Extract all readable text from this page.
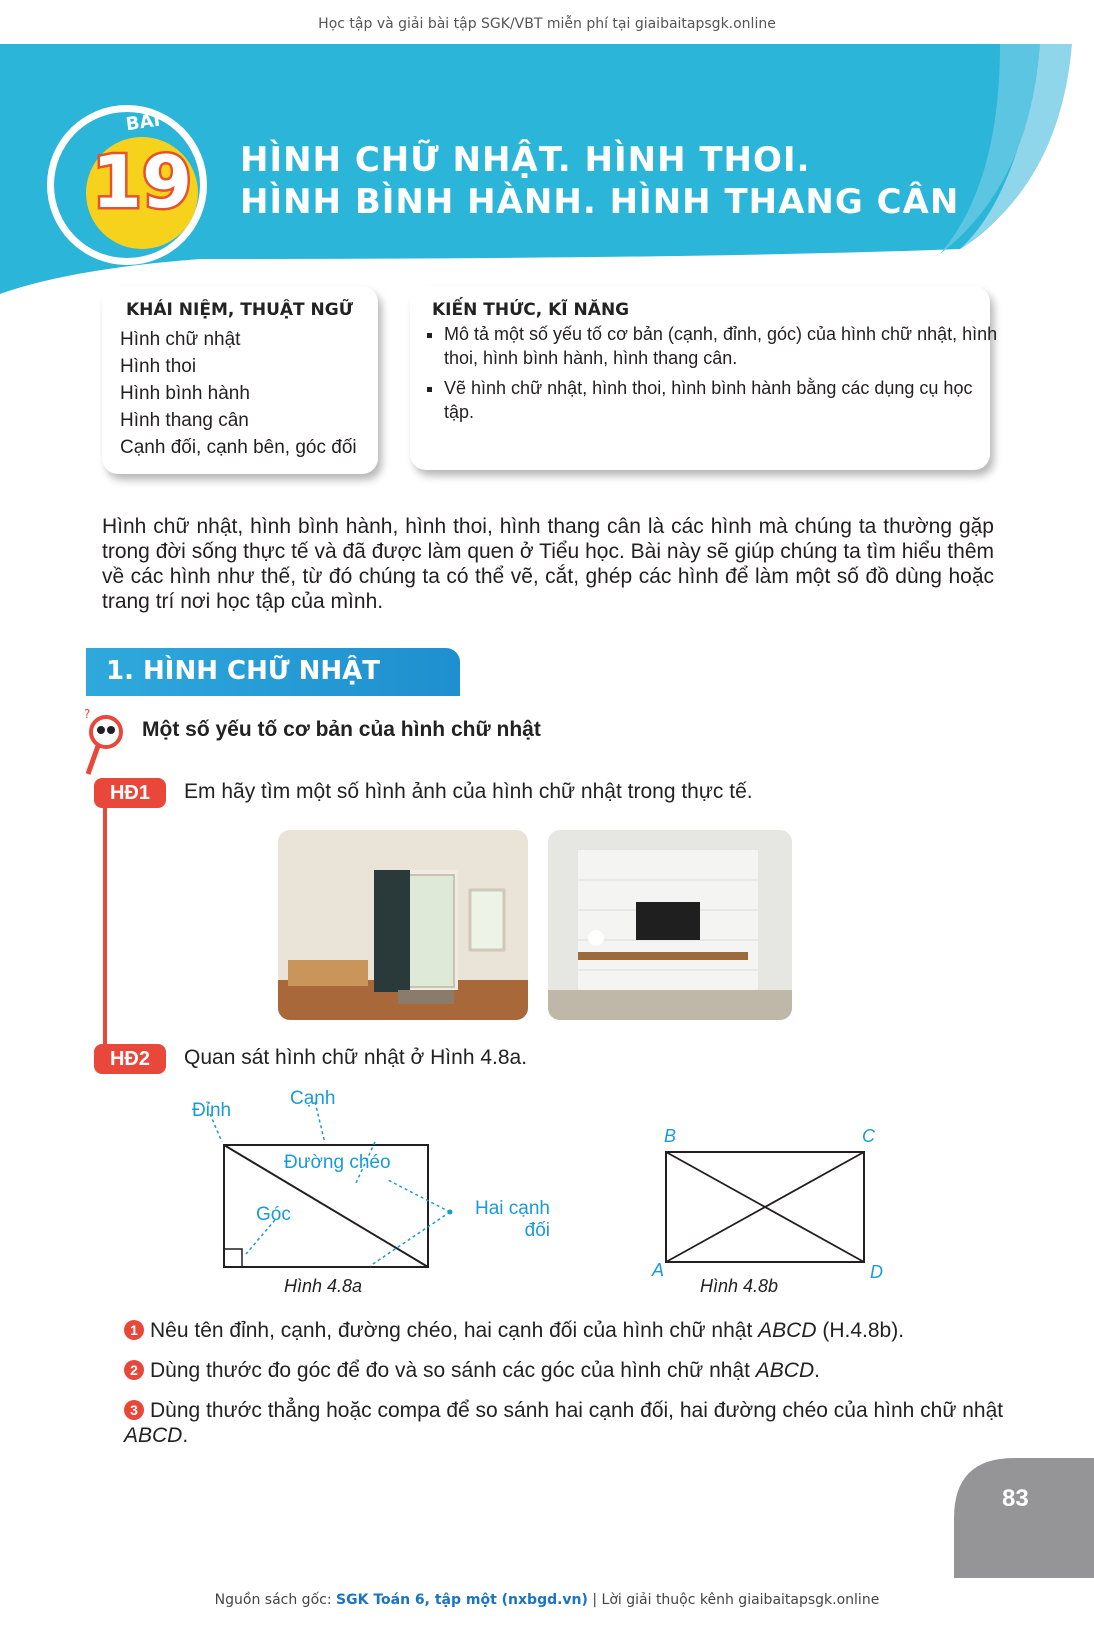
Học tập và giải bài tập SGK/VBT miễn phí tại giaibaitapsgk.online
BÀI
19 HÌNH CHỮ NHẬT. HÌNH THOI.
HÌNH BÌNH HÀNH. HÌNH THANG CÂN
KHÁI NIỆM, THUẬT NGỮ
Hình chữ nhật
Hình thoi
Hình bình hành
Hình thang cân
Cạnh đối, cạnh bên, góc đối
KIẾN THỨC, KĨ NĂNG
▪ Mô tả một số yếu tố cơ bản (cạnh, đỉnh, góc) của hình chữ nhật, hình thoi, hình bình hành, hình thang cân.
▪ Vẽ hình chữ nhật, hình thoi, hình bình hành bằng các dụng cụ học tập.
Hình chữ nhật, hình bình hành, hình thoi, hình thang cân là các hình mà chúng ta thường gặp trong đời sống thực tế và đã được làm quen ở Tiểu học. Bài này sẽ giúp chúng ta tìm hiểu thêm về các hình như thế, từ đó chúng ta có thể vẽ, cắt, ghép các hình để làm một số đồ dùng hoặc trang trí nơi học tập của mình.
1. HÌNH CHỮ NHẬT
?
Một số yếu tố cơ bản của hình chữ nhật
HĐ1	Em hãy tìm một số hình ảnh của hình chữ nhật trong thực tế.
HĐ2	Quan sát hình chữ nhật ở Hình 4.8a.
Đỉnh
Cạnh
Đường chéo
Góc	Hai cạnh
đối
Hình 4.8a
B	C
A	D
Hình 4.8b
1 Nêu tên đỉnh, cạnh, đường chéo, hai cạnh đối của hình chữ nhật ABCD (H.4.8b).
2 Dùng thước đo góc để đo và so sánh các góc của hình chữ nhật ABCD.
3 Dùng thước thẳng hoặc compa để so sánh hai cạnh đối, hai đường chéo của hình chữ nhật ABCD.
83
Nguồn sách gốc: SGK Toán 6, tập một (nxbgd.vn) | Lời giải thuộc kênh giaibaitapsgk.online
